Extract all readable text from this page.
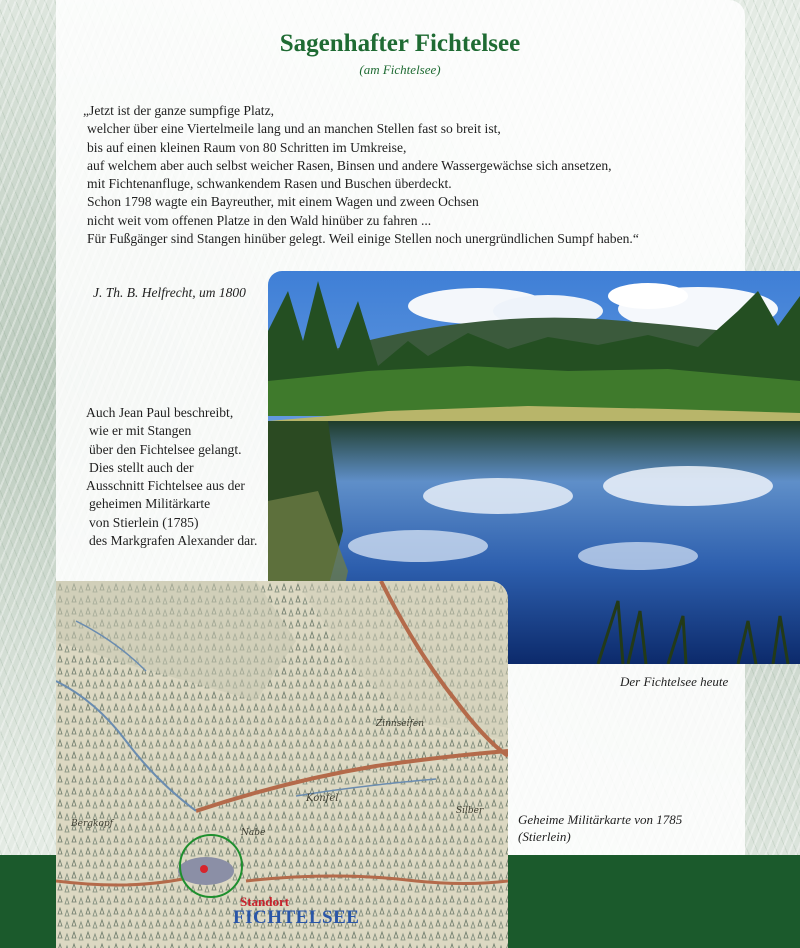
Sagenhafter Fichtelsee
(am Fichtelsee)
„Jetzt ist der ganze sumpfige Platz,
welcher über eine Viertelmeile lang und an manchen Stellen fast so breit ist,
bis auf einen kleinen Raum von 80 Schritten im Umkreise,
auf welchem aber auch selbst weicher Rasen, Binsen und andere Wassergewächse sich ansetzen,
mit Fichtenanfluge, schwankendem Rasen und Buschen überdeckt.
Schon 1798 wagte ein Bayreuther, mit einem Wagen und zween Ochsen
nicht weit vom offenen Platze in den Wald hinüber zu fahren ...
Für Fußgänger sind Stangen hinüber gelegt. Weil einige Stellen noch unergründlichen Sumpf haben.“
J. Th. B. Helfrecht, um 1800
Auch Jean Paul beschreibt,
wie er mit Stangen
über den Fichtelsee gelangt.
Dies stellt auch der
Ausschnitt Fichtelsee aus der
geheimen Militärkarte
von Stierlein (1785)
des Markgrafen Alexander dar.
Der Fichtelsee heute
Zinnseifen
Konfel
Silber
Nabe
Bergkopf	Geheime Militärkarte von 1785
(Stierlein)
Standort
FICHTELSEE
